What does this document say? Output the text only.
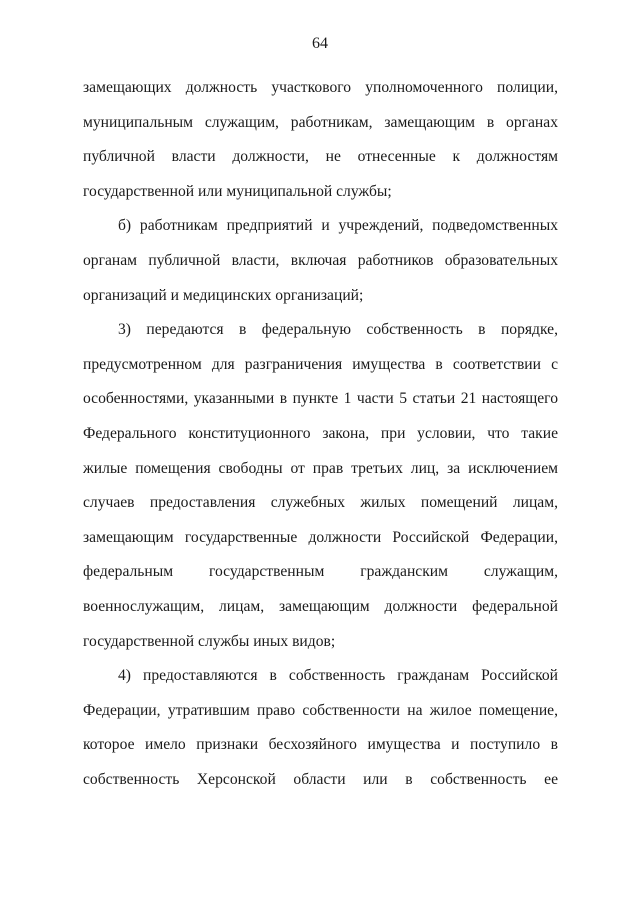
64

замещающих должность участкового уполномоченного полиции, муниципальным служащим, работникам, замещающим в органах публичной власти должности, не отнесенные к должностям государственной или муниципальной службы;

б) работникам предприятий и учреждений, подведомственных органам публичной власти, включая работников образовательных организаций и медицинских организаций;

3) передаются в федеральную собственность в порядке, предусмотренном для разграничения имущества в соответствии с особенностями, указанными в пункте 1 части 5 статьи 21 настоящего Федерального конституционного закона, при условии, что такие жилые помещения свободны от прав третьих лиц, за исключением случаев предоставления служебных жилых помещений лицам, замещающим государственные должности Российской Федерации, федеральным государственным гражданским служащим, военнослужащим, лицам, замещающим должности федеральной государственной службы иных видов;

4) предоставляются в собственность гражданам Российской Федерации, утратившим право собственности на жилое помещение, которое имело признаки бесхозяйного имущества и поступило в собственность Херсонской области или в собственность ее
